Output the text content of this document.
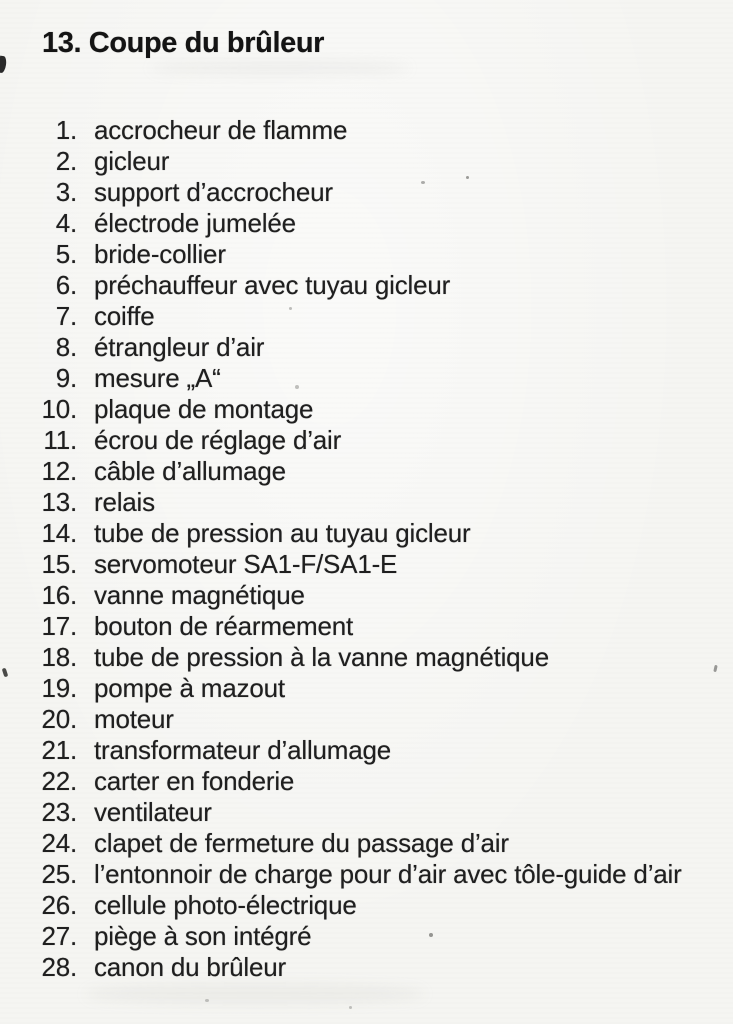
13. Coupe du brûleur
1. accrocheur de flamme
2. gicleur
3. support d’accrocheur
4. électrode jumelée
5. bride-collier
6. préchauffeur avec tuyau gicleur
7. coiffe
8. étrangleur d’air
9. mesure „A“
10. plaque de montage
11. écrou de réglage d’air
12. câble d’allumage
13. relais
14. tube de pression au tuyau gicleur
15. servomoteur SA1-F/SA1-E
16. vanne magnétique
17. bouton de réarmement
18. tube de pression à la vanne magnétique
19. pompe à mazout
20. moteur
21. transformateur d’allumage
22. carter en fonderie
23. ventilateur
24. clapet de fermeture du passage d’air
25. l’entonnoir de charge pour d’air avec tôle-guide d’air
26. cellule photo-électrique
27. piège à son intégré
28. canon du brûleur
